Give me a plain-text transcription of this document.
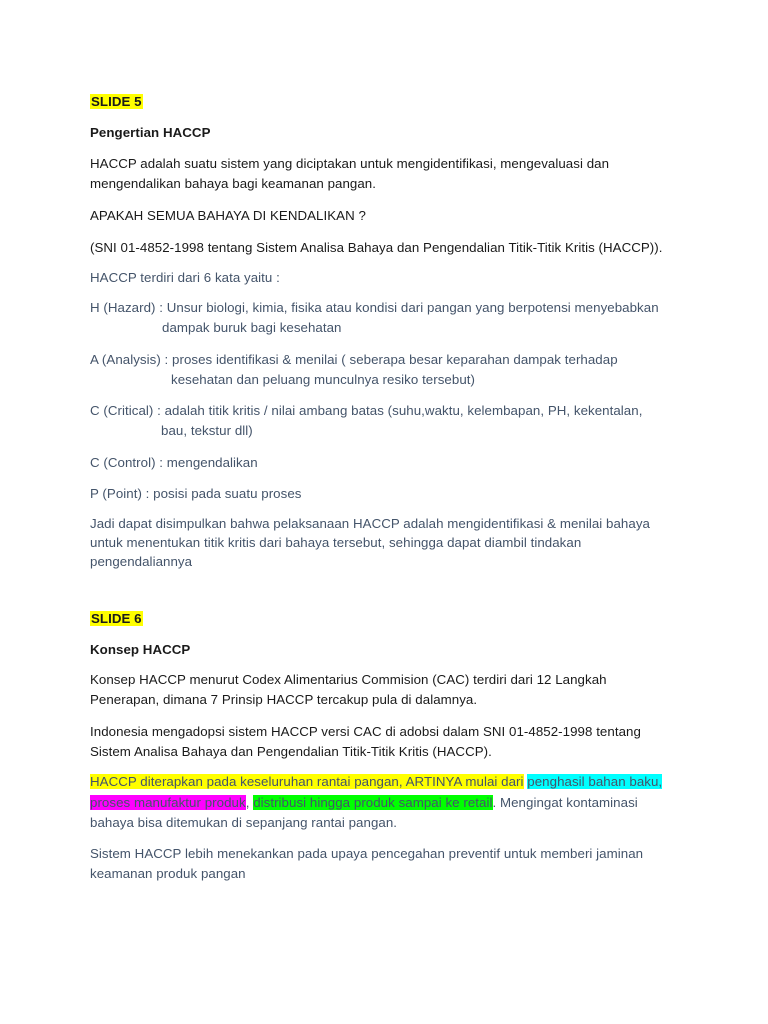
SLIDE 5
Pengertian HACCP
HACCP adalah suatu sistem yang diciptakan untuk mengidentifikasi, mengevaluasi dan
mengendalikan bahaya bagi keamanan pangan.
APAKAH SEMUA BAHAYA DI KENDALIKAN ?
(SNI 01-4852-1998 tentang Sistem Analisa Bahaya dan Pengendalian Titik-Titik Kritis (HACCP)).
HACCP terdiri dari 6 kata yaitu :
H (Hazard) : Unsur biologi, kimia, fisika atau kondisi dari pangan yang berpotensi menyebabkan
dampak buruk bagi kesehatan
A (Analysis) : proses identifikasi & menilai ( seberapa besar keparahan dampak terhadap
kesehatan dan peluang munculnya resiko tersebut)
C (Critical) : adalah titik kritis / nilai ambang batas (suhu,waktu, kelembapan, PH, kekentalan,
bau, tekstur dll)
C (Control) : mengendalikan
P (Point) : posisi pada suatu proses
Jadi dapat disimpulkan bahwa pelaksanaan HACCP adalah mengidentifikasi & menilai bahaya
untuk menentukan titik kritis dari bahaya tersebut, sehingga dapat diambil tindakan
pengendaliannya
SLIDE 6
Konsep HACCP
Konsep HACCP menurut Codex Alimentarius Commision (CAC) terdiri dari 12 Langkah
Penerapan, dimana 7 Prinsip HACCP tercakup pula di dalamnya.
Indonesia mengadopsi sistem HACCP versi CAC di adobsi dalam SNI 01-4852-1998 tentang
Sistem Analisa Bahaya dan Pengendalian Titik-Titik Kritis (HACCP).
HACCP diterapkan pada keseluruhan rantai pangan, ARTINYA mulai dari penghasil bahan baku,
proses manufaktur produk, distribusi hingga produk sampai ke retail. Mengingat kontaminasi
bahaya bisa ditemukan di sepanjang rantai pangan.
Sistem HACCP lebih menekankan pada upaya pencegahan preventif untuk memberi jaminan
keamanan produk pangan
